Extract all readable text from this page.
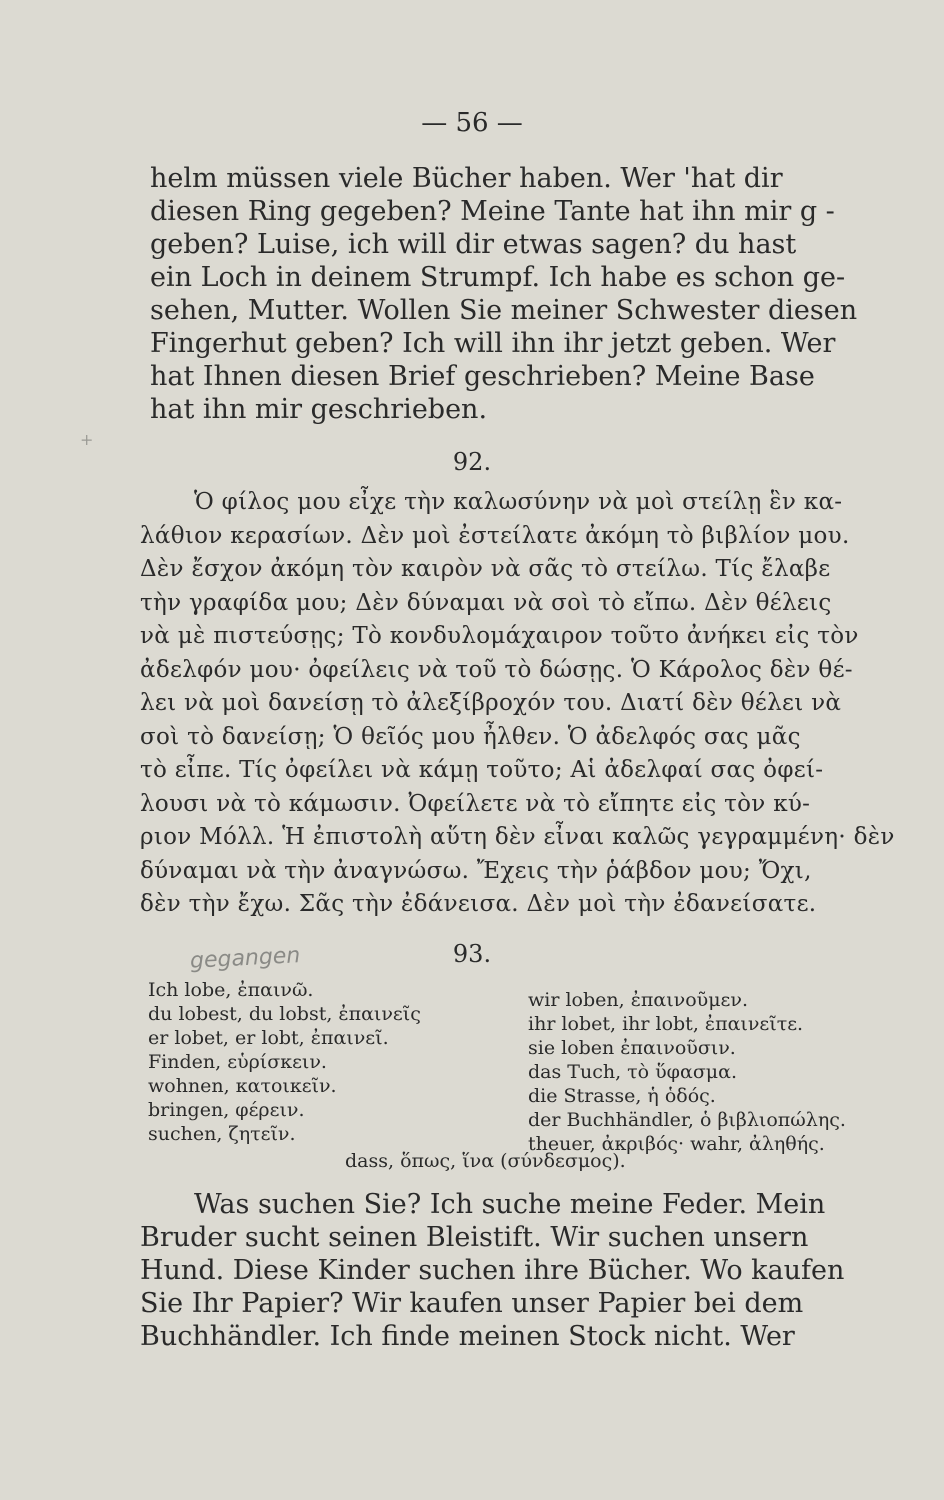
— 56 —
helm müssen viele Bücher haben. Wer 'hat dir
diesen Ring gegeben? Meine Tante hat ihn mir g -
geben? Luise, ich will dir etwas sagen? du hast
ein Loch in deinem Strumpf. Ich habe es schon ge-
sehen, Mutter. Wollen Sie meiner Schwester diesen
Fingerhut geben? Ich will ihn ihr jetzt geben. Wer
hat Ihnen diesen Brief geschrieben? Meine Base
hat ihn mir geschrieben.
+
92.
Ὁ φίλος μου εἶχε τὴν καλωσύνην νὰ μοὶ στείλῃ ἓν κα-
λάθιον κερασίων. Δὲν μοὶ ἐστείλατε ἀκόμη τὸ βιβλίον μου.
Δὲν ἔσχον ἀκόμη τὸν καιρὸν νὰ σᾶς τὸ στείλω. Τίς ἔλαβε
τὴν γραφίδα μου; Δὲν δύναμαι νὰ σοὶ τὸ εἴπω. Δὲν θέλεις
νὰ μὲ πιστεύσῃς; Τὸ κονδυλομάχαιρον τοῦτο ἀνήκει εἰς τὸν
ἀδελφόν μου· ὀφείλεις νὰ τοῦ τὸ δώσῃς. Ὁ Κάρολος δὲν θέ-
λει νὰ μοὶ δανείσῃ τὸ ἀλεξίβροχόν του. Διατί δὲν θέλει νὰ
σοὶ τὸ δανείσῃ; Ὁ θεῖός μου ἦλθεν. Ὁ ἀδελφός σας μᾶς
τὸ εἶπε. Τίς ὀφείλει νὰ κάμῃ τοῦτο; Αἱ ἀδελφαί σας ὀφεί-
λουσι νὰ τὸ κάμωσιν. Ὀφείλετε νὰ τὸ εἴπητε εἰς τὸν κύ-
ριον Μόλλ. Ἡ ἐπιστολὴ αὕτη δὲν εἶναι καλῶς γεγραμμένη· δὲν
δύναμαι νὰ τὴν ἀναγνώσω. Ἔχεις τὴν ῥάβδον μου; Ὄχι,
δὲν τὴν ἔχω. Σᾶς τὴν ἐδάνεισα. Δὲν μοὶ τὴν ἐδανείσατε.
gegangen	93.
Ich lobe, ἐπαινῶ.
du lobest, du lobst, ἐπαινεῖς
er lobet, er lobt, ἐπαινεῖ.
Finden, εὑρίσκειν.
wohnen, κατοικεῖν.
bringen, φέρειν.
suchen, ζητεῖν.
wir loben, ἐπαινοῦμεν.
ihr lobet, ihr lobt, ἐπαινεῖτε.
sie loben ἐπαινοῦσιν.
das Tuch, τὸ ὕφασμα.
die Strasse, ἡ ὁδός.
der Buchhändler, ὁ βιβλιοπώλης.
theuer, ἀκριβός· wahr, ἀληθής.
dass, ὅπως, ἵνα (σύνδεσμος).
Was suchen Sie? Ich suche meine Feder. Mein
Bruder sucht seinen Bleistift. Wir suchen unsern
Hund. Diese Kinder suchen ihre Bücher. Wo kaufen
Sie Ihr Papier? Wir kaufen unser Papier bei dem
Buchhändler. Ich finde meinen Stock nicht. Wer
